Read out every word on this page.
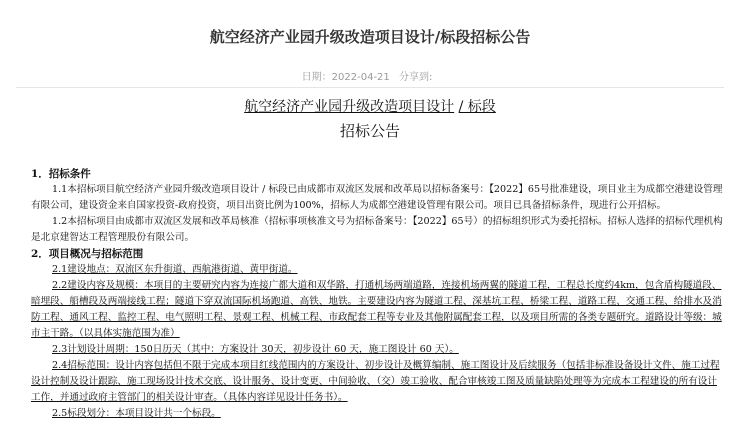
航空经济产业园升级改造项目设计/标段招标公告
日期：2022-04-21 分享到:
航空经济产业园升级改造项目设计 / 标段
招标公告
1．招标条件

1.1本招标项目航空经济产业园升级改造项目设计 / 标段已由成都市双流区发展和改革局以招标备案号：【2022】65号批准建设，项目业主为成都空港建设管理有限公司，建设资金来自国家投资-政府投资，项目出资比例为100%，招标人为成都空港建设管理有限公司。项目已具备招标条件，现进行公开招标。

1.2本招标项目由成都市双流区发展和改革局核准（招标事项核准文号为招标备案号：【2022】65号）的招标组织形式为委托招标。招标人选择的招标代理机构是北京建智达工程管理股份有限公司。

2．项目概况与招标范围

2.1建设地点：双流区东升街道、西航港街道、黄甲街道。

2.2建设内容及规模：本项目的主要研究内容为连接广都大道和双华路，打通机场两端道路，连接机场两翼的隧道工程，工程总长度约4km，包含盾构隧道段、暗埋段、船槽段及两端接线工程；隧道下穿双流国际机场跑道、高铁、地铁。主要建设内容为隧道工程、深基坑工程、桥梁工程、道路工程、交通工程、给排水及消防工程、通风工程、监控工程、电气照明工程、景观工程、机械工程、市政配套工程等专业及其他附属配套工程，以及项目所需的各类专题研究。道路设计等级：城市主干路。（以具体实施范围为准）

2.3计划设计周期：150日历天（其中：方案设计 30天，初步设计 60 天，施工图设计 60 天）。

2.4招标范围：设计内容包括但不限于完成本项目红线范围内的方案设计、初步设计及概算编制、施工图设计及后续服务（包括非标准设备设计文件、施工过程设计控制及设计跟踪、施工现场设计技术交底、设计服务、设计变更、中间验收、（交）竣工验收、配合审核竣工图及质量缺陷处理等为完成本工程建设的所有设计工作，并通过政府主管部门的相关设计审查。（具体内容详见设计任务书）。

2.5标段划分：本项目设计共一个标段。
